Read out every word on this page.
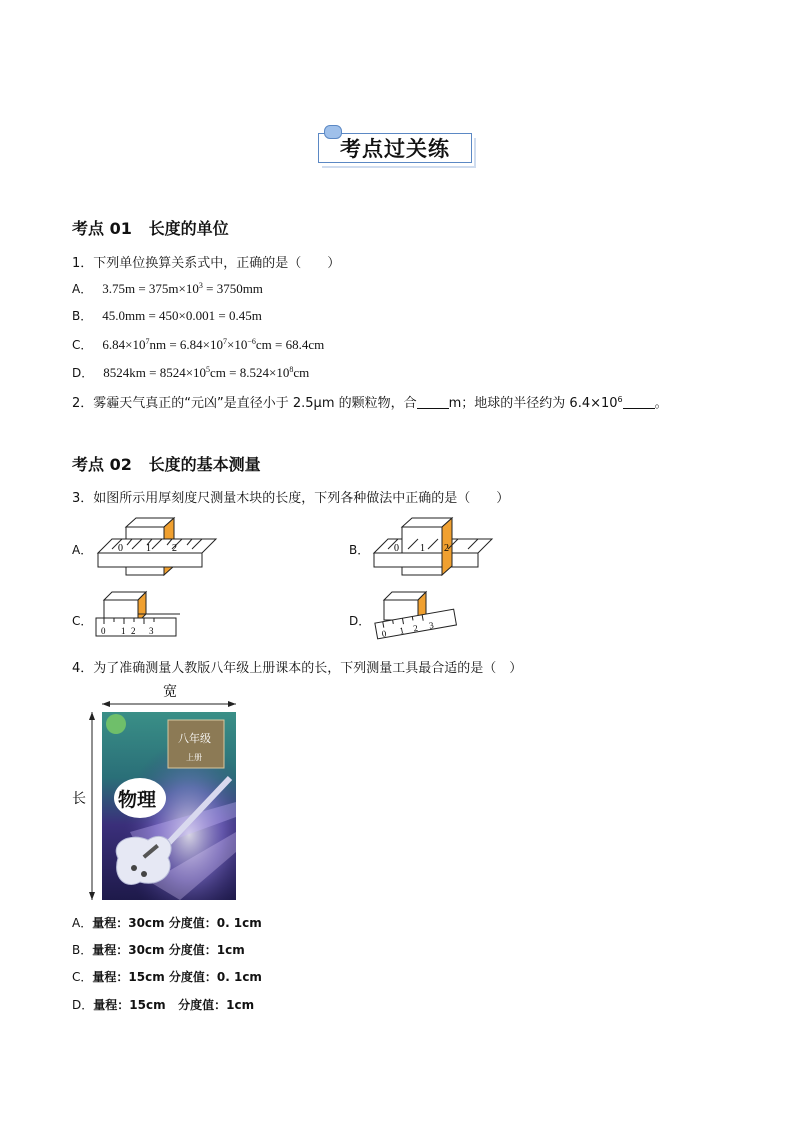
考点过关练
考点 01 长度的单位
1．下列单位换算关系式中，正确的是（　　）
A． $3.75m = 375m\times 10^3 = 3750mm$
B． 45.0mm = 450×0.001 = 0.45m
C． $6.84\times 10^7nm = 6.84\times 10^7\times 10^{-6}cm = 68.4cm$
D． $8524km = 8524\times 10^5cm = 8.524\times 10^8cm$
2．雾霾天气真正的“元凶”是直径小于 2.5μm 的颗粒物，合 m；地球的半径约为 $6.4\times 10^6$ 。
考点 02 长度的基本测量
3．如图所示用厚刻度尺测量木块的长度，下列各种做法中正确的是（　　）
A．	0 1 2	B． 0 1 2
C．
0 1 2 3
D．
0 1 2 3
4．为了准确测量人教版八年级上册课本的长，下列测量工具最合适的是（　）
宽
长
八年级
上册
物理
A．量程：30cm 分度值：0. 1cm
B．量程：30cm 分度值：1cm
C．量程：15cm 分度值：0. 1cm
D．量程：15cm   分度值：1cm
